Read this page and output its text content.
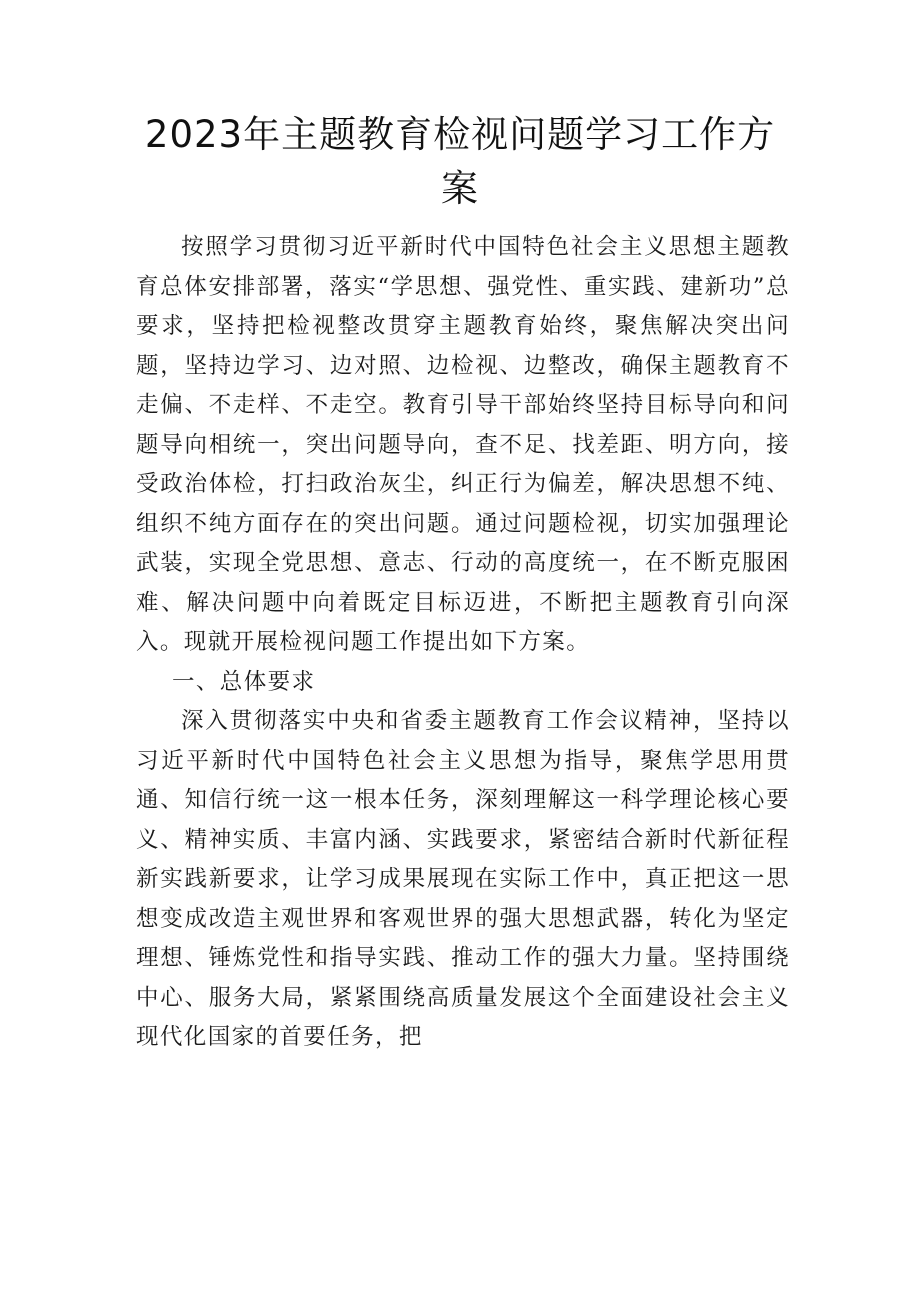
2023年主题教育检视问题学习工作方案

按照学习贯彻习近平新时代中国特色社会主义思想主题教育总体安排部署，落实“学思想、强党性、重实践、建新功”总要求，坚持把检视整改贯穿主题教育始终，聚焦解决突出问题，坚持边学习、边对照、边检视、边整改，确保主题教育不走偏、不走样、不走空。教育引导干部始终坚持目标导向和问题导向相统一，突出问题导向，查不足、找差距、明方向，接受政治体检，打扫政治灰尘，纠正行为偏差，解决思想不纯、组织不纯方面存在的突出问题。通过问题检视，切实加强理论武装，实现全党思想、意志、行动的高度统一，在不断克服困难、解决问题中向着既定目标迈进，不断把主题教育引向深入。现就开展检视问题工作提出如下方案。

一、总体要求

深入贯彻落实中央和省委主题教育工作会议精神，坚持以习近平新时代中国特色社会主义思想为指导，聚焦学思用贯通、知信行统一这一根本任务，深刻理解这一科学理论核心要义、精神实质、丰富内涵、实践要求，紧密结合新时代新征程新实践新要求，让学习成果展现在实际工作中，真正把这一思想变成改造主观世界和客观世界的强大思想武器，转化为坚定理想、锤炼党性和指导实践、推动工作的强大力量。坚持围绕中心、服务大局，紧紧围绕高质量发展这个全面建设社会主义现代化国家的首要任务，把
